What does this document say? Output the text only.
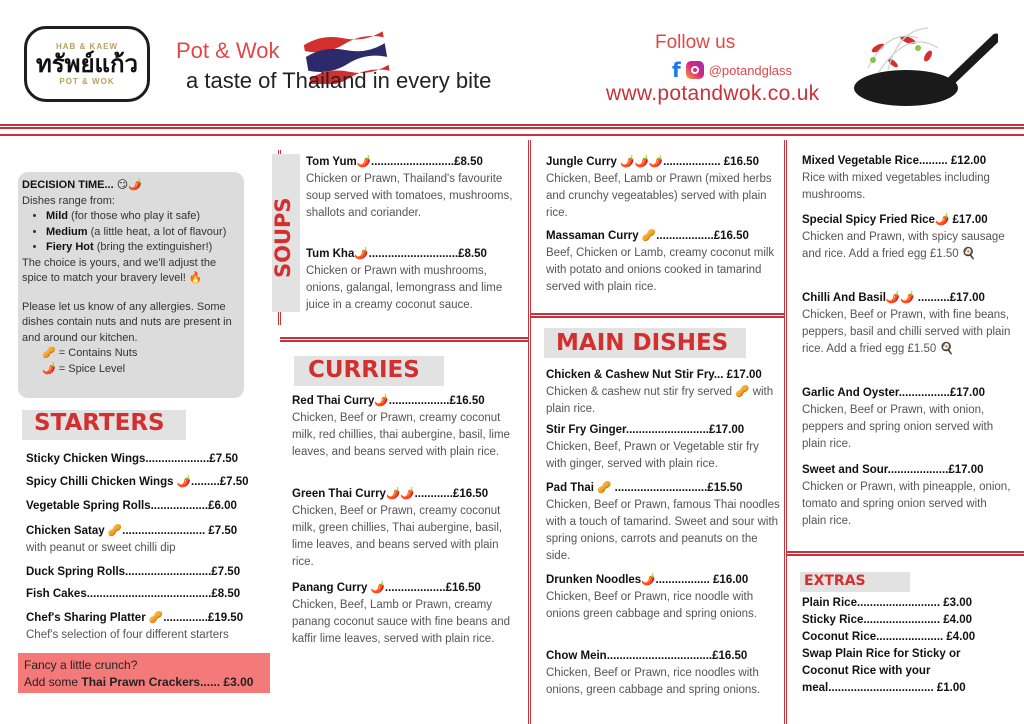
HAB & KAEW
ทรัพย์แก้ว
POT & WOK
Pot & Wok
a taste of Thailand in every bite
Follow us
f @potandglass
www.potandwok.co.uk
DECISION TIME... 😏🌶️
Dishes range from:
• Mild (for those who play it safe)
• Medium (a little heat, a lot of flavour)
• Fiery Hot (bring the extinguisher!)
The choice is yours, and we'll adjust the spice to match your bravery level! 🔥
Please let us know of any allergies. Some dishes contain nuts and nuts are present in and around our kitchen.
🥜 = Contains Nuts
🌶️ = Spice Level
STARTERS
Sticky Chicken Wings....................£7.50
Spicy Chilli Chicken Wings 🌶️.........£7.50
Vegetable Spring Rolls..................£6.00
Chicken Satay 🥜.......................... £7.50
with peanut or sweet chilli dip
Duck Spring Rolls...........................£7.50
Fish Cakes.......................................£8.50
Chef's Sharing Platter 🥜..............£19.50
Chef's selection of four different starters
Fancy a little crunch?
Add some Thai Prawn Crackers...... £3.00
SOUPS
Tom Yum🌶️..........................£8.50
Chicken or Prawn, Thailand's favourite soup served with tomatoes, mushrooms, shallots and coriander.
Tum Kha🌶️............................£8.50
Chicken or Prawn with mushrooms, onions, galangal, lemongrass and lime juice in a creamy coconut sauce.
CURRIES
Red Thai Curry🌶️...................£16.50
Chicken, Beef or Prawn, creamy coconut milk, red chillies, thai aubergine, basil, lime leaves, and beans served with plain rice.
Green Thai Curry🌶️🌶️............£16.50
Chicken, Beef or Prawn, creamy coconut milk, green chillies, Thai aubergine, basil, lime leaves, and beans served with plain rice.
Panang Curry 🌶️...................£16.50
Chicken, Beef, Lamb or Prawn, creamy panang coconut sauce with fine beans and kaffir lime leaves, served with plain rice.
Jungle Curry 🌶️🌶️🌶️.................. £16.50
Chicken, Beef, Lamb or Prawn (mixed herbs and crunchy vegeatables) served with plain rice.
Massaman Curry 🥜..................£16.50
Beef, Chicken or Lamb, creamy coconut milk with potato and onions cooked in tamarind served with plain rice.
MAIN DISHES
Chicken & Cashew Nut Stir Fry... £17.00
Chicken & cashew nut stir fry served 🥜 with plain rice.
Stir Fry Ginger..........................£17.00
Chicken, Beef, Prawn or Vegetable stir fry with ginger, served with plain rice.
Pad Thai 🥜 .............................£15.50
Chicken, Beef or Prawn, famous Thai noodles with a touch of tamarind. Sweet and sour with spring onions, carrots and peanuts on the side.
Drunken Noodles🌶️................. £16.00
Chicken, Beef or Prawn, rice noodle with onions green cabbage and spring onions.
Chow Mein.................................£16.50
Chicken, Beef or Prawn, rice noodles with onions, green cabbage and spring onions.
Mixed Vegetable Rice......... £12.00
Rice with mixed vegetables including mushrooms.
Special Spicy Fried Rice🌶️ £17.00
Chicken and Prawn, with spicy sausage and rice. Add a fried egg £1.50 🍳
Chilli And Basil🌶️🌶️ ..........£17.00
Chicken, Beef or Prawn, with fine beans, peppers, basil and chilli served with plain rice. Add a fried egg £1.50 🍳
Garlic And Oyster................£17.00
Chicken, Beef or Prawn, with onion, peppers and spring onion served with plain rice.
Sweet and Sour...................£17.00
Chicken or Prawn, with pineapple, onion, tomato and spring onion served with plain rice.
EXTRAS
Plain Rice.......................... £3.00
Sticky Rice........................ £4.00
Coconut Rice..................... £4.00
Swap Plain Rice for Sticky or
Coconut Rice with your
meal................................. £1.00
